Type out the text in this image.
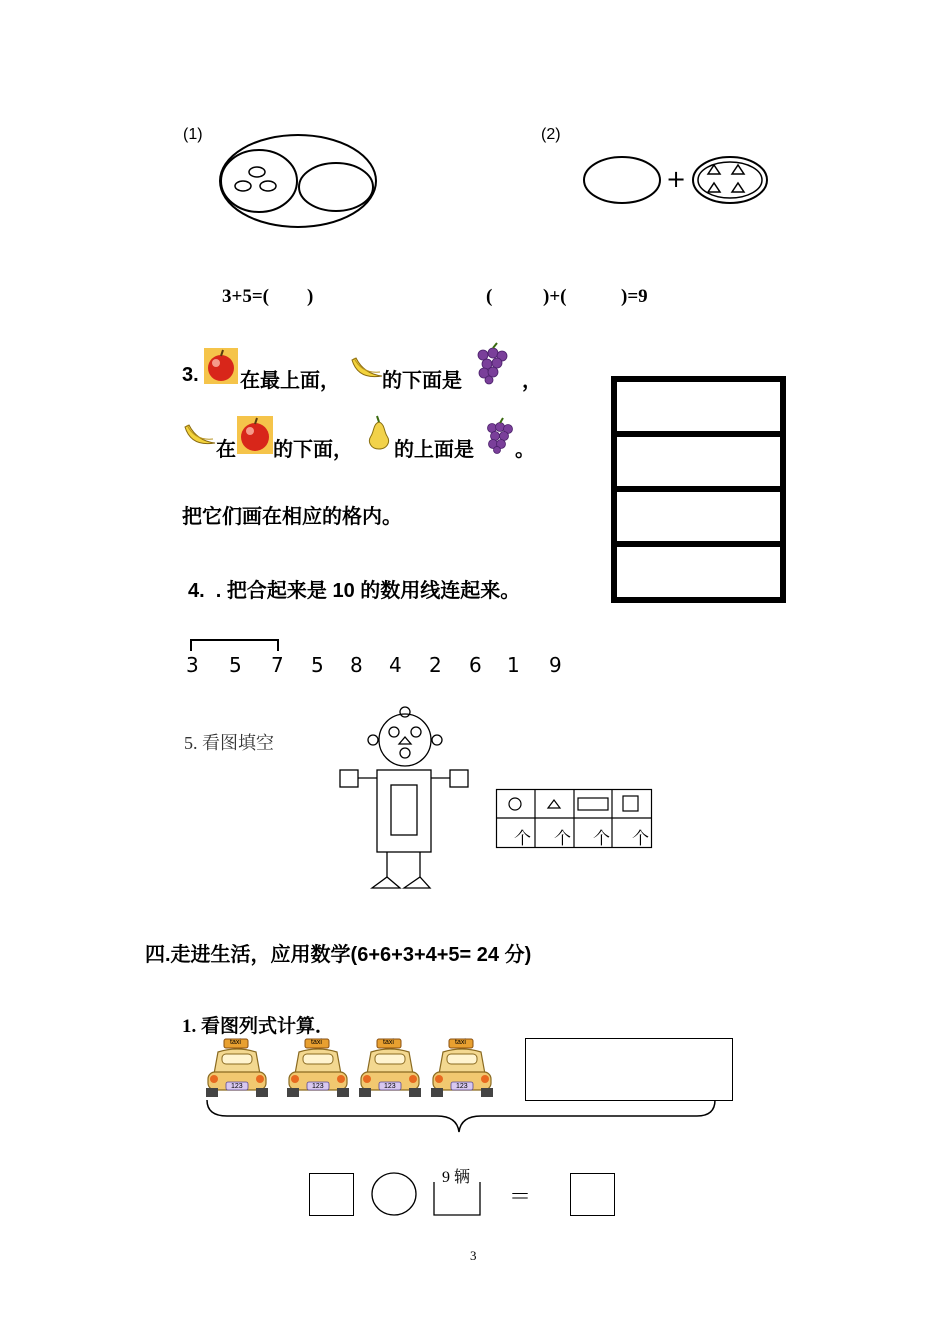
(1)
+
(2)
3+5=(        )	(	)+(	)=9
3. 在最上面， 的下面是	，
在 的下面， 的上面是 。
把它们画在相应的格内。
4.  . 把合起来是 10 的数用线连起来。
3 5 7 5 8 4 2 6 1 9
5. 看图填空
个 个 个 个
四.走进生活，应用数学(6+6+3+4+5= 24 分)
1. 看图列式计算．
taxi
123
taxi
123
taxi
123
taxi
123
9 辆
＝
3
